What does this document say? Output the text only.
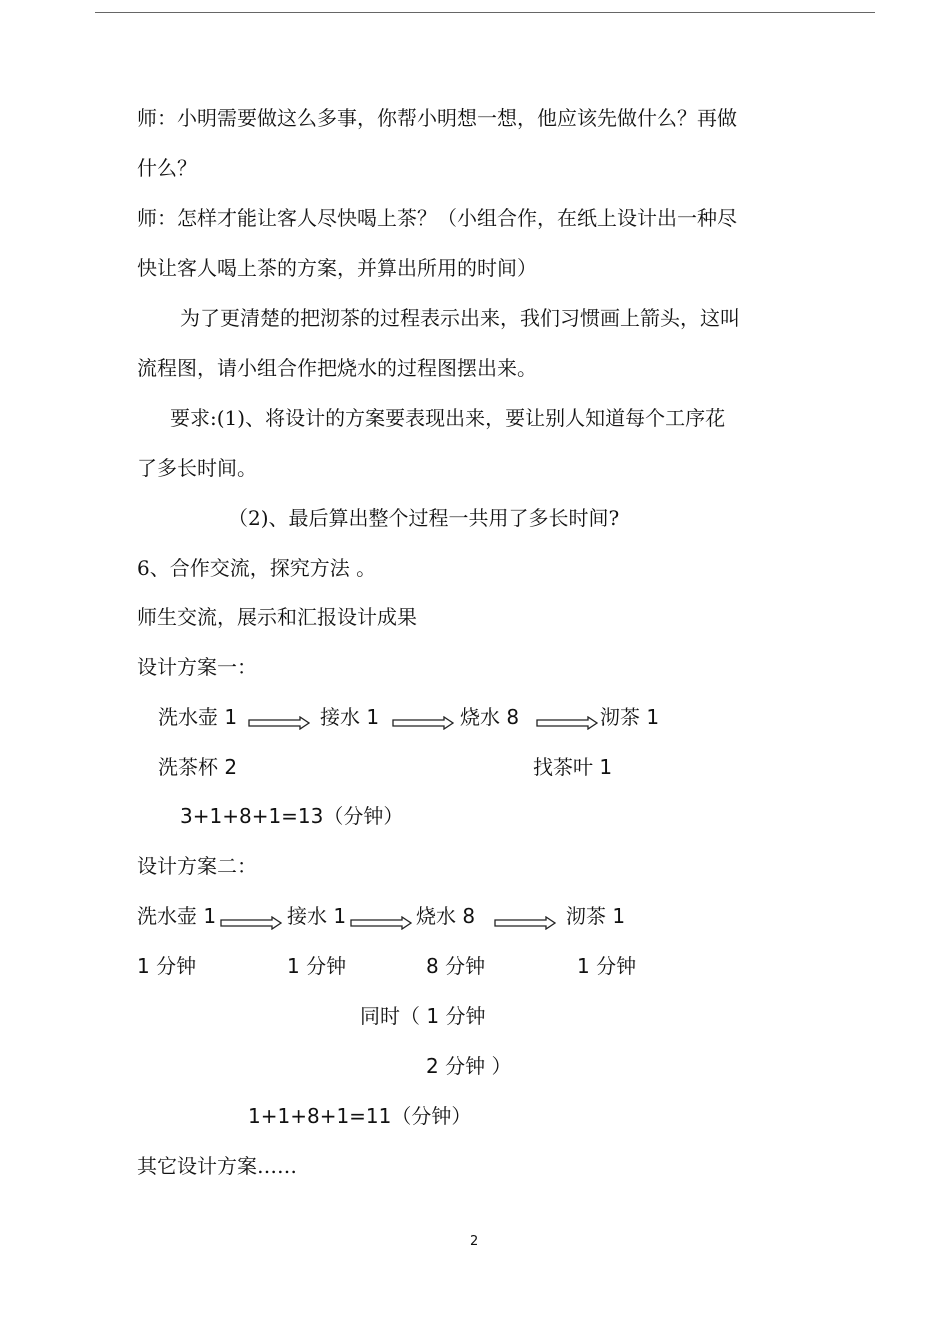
师：小明需要做这么多事，你帮小明想一想，他应该先做什么？再做
什么？
师：怎样才能让客人尽快喝上茶？（小组合作，在纸上设计出一种尽
快让客人喝上茶的方案，并算出所用的时间）
为了更清楚的把沏茶的过程表示出来，我们习惯画上箭头，这叫
流程图，请小组合作把烧水的过程图摆出来。
要求:(1)、将设计的方案要表现出来，要让别人知道每个工序花
了多长时间。
（2)、最后算出整个过程一共用了多长时间?
6、合作交流，探究方法 。
师生交流，展示和汇报设计成果
设计方案一：
洗水壶 1	接水 1	烧水 8	沏茶 1
洗茶杯 2	找茶叶 1
3+1+8+1=13（分钟）
设计方案二：
洗水壶 1	接水 1	烧水 8	沏茶 1
1 分钟	1 分钟	8 分钟	1 分钟
同时（ 1 分钟
2 分钟 ）
1+1+8+1=11（分钟）
其它设计方案……
2
